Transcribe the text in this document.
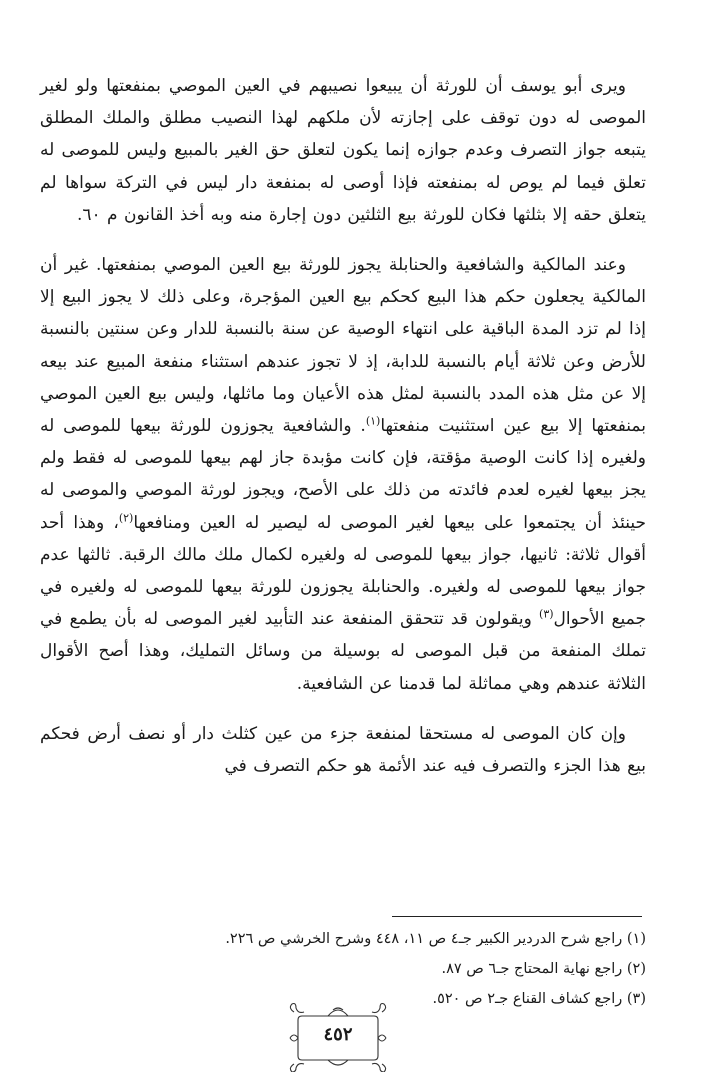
ويرى أبو يوسف أن للورثة أن يبيعوا نصيبهم في العين الموصي بمنفعتها ولو لغير الموصى له دون توقف على إجازته لأن ملكهم لهذا النصيب مطلق والملك المطلق يتبعه جواز التصرف وعدم جوازه إنما يكون لتعلق حق الغير بالمبيع وليس للموصى له تعلق فيما لم يوص له بمنفعته فإذا أوصى له بمنفعة دار ليس في التركة سواها لم يتعلق حقه إلا بثلثها فكان للورثة بيع الثلثين دون إجارة منه وبه أخذ القانون م ٦٠.

وعند المالكية والشافعية والحنابلة يجوز للورثة بيع العين الموصي بمنفعتها. غير أن المالكية يجعلون حكم هذا البيع كحكم بيع العين المؤجرة، وعلى ذلك لا يجوز البيع إلا إذا لم تزد المدة الباقية على انتهاء الوصية عن سنة بالنسبة للدار وعن سنتين بالنسبة للأرض وعن ثلاثة أيام بالنسبة للدابة، إذ لا تجوز عندهم استثناء منفعة المبيع عند بيعه إلا عن مثل هذه المدد بالنسبة لمثل هذه الأعيان وما ماثلها، وليس بيع العين الموصي بمنفعتها إلا بيع عين استثنيت منفعتها$^{(١)}$. والشافعية يجوزون للورثة بيعها للموصى له ولغيره إذا كانت الوصية مؤقتة، فإن كانت مؤبدة جاز لهم بيعها للموصى له فقط ولم يجز بيعها لغيره لعدم فائدته من ذلك على الأصح، ويجوز لورثة الموصي والموصى له حينئذ أن يجتمعوا على بيعها لغير الموصى له ليصير له العين ومنافعها$^{(٢)}$، وهذا أحد أقوال ثلاثة: ثانيها، جواز بيعها للموصى له ولغيره لكمال ملك مالك الرقبة. ثالثها عدم جواز بيعها للموصى له ولغيره. والحنابلة يجوزون للورثة بيعها للموصى له ولغيره في جميع الأحوال$^{(٣)}$ ويقولون قد تتحقق المنفعة عند التأبيد لغير الموصى له بأن يطمع في تملك المنفعة من قبل الموصى له بوسيلة من وسائل التمليك، وهذا أصح الأقوال الثلاثة عندهم وهي مماثلة لما قدمنا عن الشافعية.

وإن كان الموصى له مستحقا لمنفعة جزء من عين كثلث دار أو نصف أرض فحكم بيع هذا الجزء والتصرف فيه عند الأئمة هو حكم التصرف في

(١) راجع شرح الدردير الكبير جـ٤ ص ١١، ٤٤٨ وشرح الخرشي ص ٢٢٦.

(٢) راجع نهاية المحتاج جـ٦ ص ٨٧.

(٣) راجع كشاف القناع جـ٢ ص ٥٢٠.

٤٥٢
